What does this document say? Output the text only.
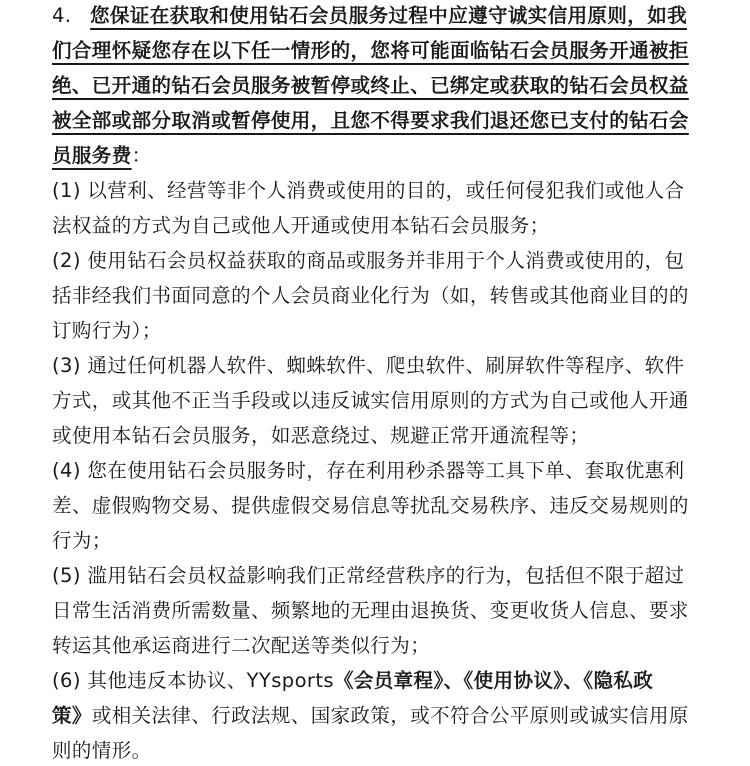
4. 您保证在获取和使用钻石会员服务过程中应遵守诚实信用原则，如我
们合理怀疑您存在以下任一情形的，您将可能面临钻石会员服务开通被拒
绝、已开通的钻石会员服务被暂停或终止、已绑定或获取的钻石会员权益
被全部或部分取消或暂停使用，且您不得要求我们退还您已支付的钻石会
员服务费：
(1) 以营利、经营等非个人消费或使用的目的，或任何侵犯我们或他人合
法权益的方式为自己或他人开通或使用本钻石会员服务；
(2) 使用钻石会员权益获取的商品或服务并非用于个人消费或使用的，包
括非经我们书面同意的个人会员商业化行为（如，转售或其他商业目的的
订购行为）；
(3) 通过任何机器人软件、蜘蛛软件、爬虫软件、刷屏软件等程序、软件
方式，或其他不正当手段或以违反诚实信用原则的方式为自己或他人开通
或使用本钻石会员服务，如恶意绕过、规避正常开通流程等；
(4) 您在使用钻石会员服务时，存在利用秒杀器等工具下单、套取优惠利
差、虚假购物交易、提供虚假交易信息等扰乱交易秩序、违反交易规则的
行为；
(5) 滥用钻石会员权益影响我们正常经营秩序的行为，包括但不限于超过
日常生活消费所需数量、频繁地的无理由退换货、变更收货人信息、要求
转运其他承运商进行二次配送等类似行为；
(6) 其他违反本协议、YYsports《会员章程》、《使用协议》、《隐私政
策》或相关法律、行政法规、国家政策，或不符合公平原则或诚实信用原
则的情形。
